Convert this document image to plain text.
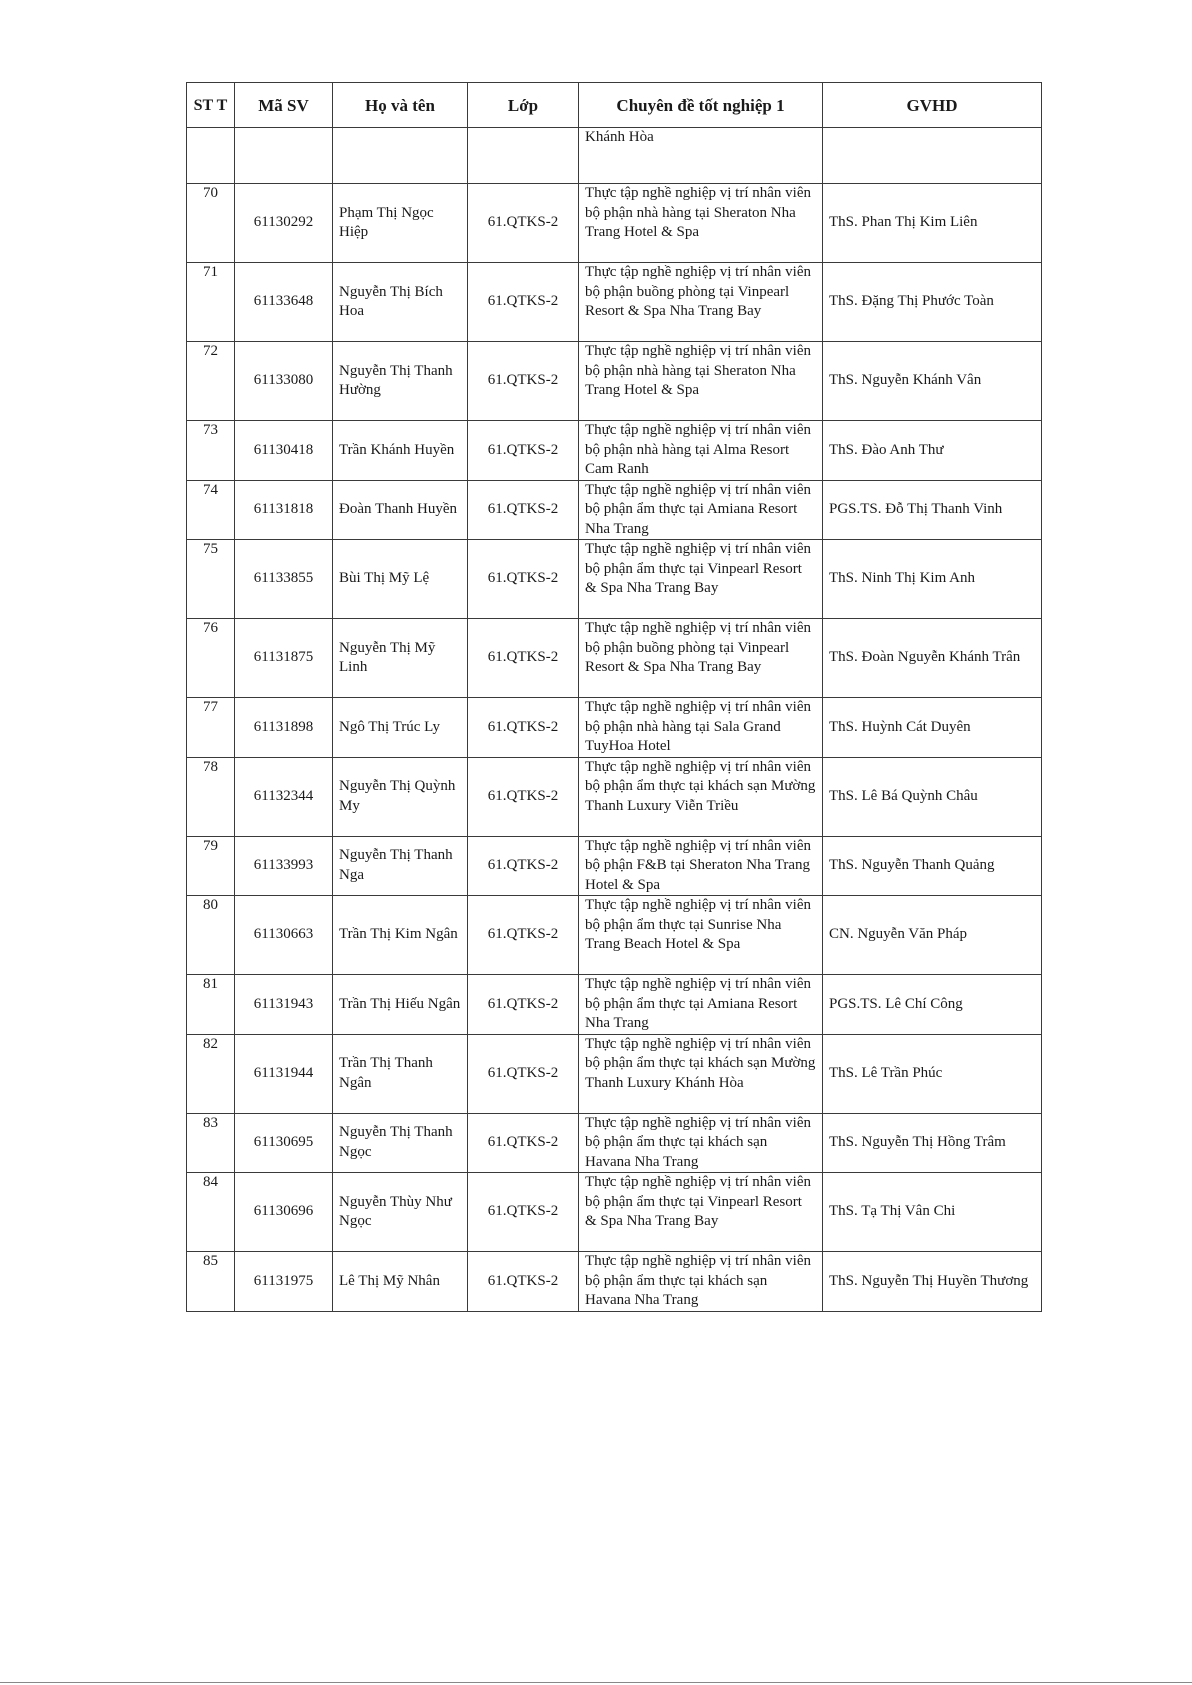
ST T	Mã SV	Họ và tên	Lớp	Chuyên đề tốt nghiệp 1	GVHD
				Khánh Hòa	
70	61130292	Phạm Thị Ngọc Hiệp	61.QTKS-2	Thực tập nghề nghiệp vị trí nhân viên bộ phận nhà hàng tại Sheraton Nha Trang Hotel & Spa	ThS. Phan Thị Kim Liên
71	61133648	Nguyễn Thị Bích Hoa	61.QTKS-2	Thực tập nghề nghiệp vị trí nhân viên bộ phận buồng phòng tại Vinpearl Resort & Spa Nha Trang Bay	ThS. Đặng Thị Phước Toàn
72	61133080	Nguyễn Thị Thanh Hường	61.QTKS-2	Thực tập nghề nghiệp vị trí nhân viên bộ phận nhà hàng tại Sheraton Nha Trang Hotel & Spa	ThS. Nguyễn Khánh Vân
73	61130418	Trần Khánh Huyền	61.QTKS-2	Thực tập nghề nghiệp vị trí nhân viên bộ phận nhà hàng tại Alma Resort Cam Ranh	ThS. Đào Anh Thư
74	61131818	Đoàn Thanh Huyền	61.QTKS-2	Thực tập nghề nghiệp vị trí nhân viên bộ phận ẩm thực tại Amiana Resort Nha Trang	PGS.TS. Đỗ Thị Thanh Vinh
75	61133855	Bùi Thị Mỹ Lệ	61.QTKS-2	Thực tập nghề nghiệp vị trí nhân viên bộ phận ẩm thực tại Vinpearl Resort & Spa Nha Trang Bay	ThS. Ninh Thị Kim Anh
76	61131875	Nguyễn Thị Mỹ Linh	61.QTKS-2	Thực tập nghề nghiệp vị trí nhân viên bộ phận buồng phòng tại Vinpearl Resort & Spa Nha Trang Bay	ThS. Đoàn Nguyễn Khánh Trân
77	61131898	Ngô Thị Trúc Ly	61.QTKS-2	Thực tập nghề nghiệp vị trí nhân viên bộ phận nhà hàng tại Sala Grand TuyHoa Hotel	ThS. Huỳnh Cát Duyên
78	61132344	Nguyễn Thị Quỳnh My	61.QTKS-2	Thực tập nghề nghiệp vị trí nhân viên bộ phận ẩm thực tại khách sạn Mường Thanh Luxury Viễn Triều	ThS. Lê Bá Quỳnh Châu
79	61133993	Nguyễn Thị Thanh Nga	61.QTKS-2	Thực tập nghề nghiệp vị trí nhân viên bộ phận F&B tại Sheraton Nha Trang Hotel & Spa	ThS. Nguyễn Thanh Quảng
80	61130663	Trần Thị Kim Ngân	61.QTKS-2	Thực tập nghề nghiệp vị trí nhân viên bộ phận ẩm thực tại Sunrise Nha Trang Beach Hotel & Spa	CN. Nguyễn Văn Pháp
81	61131943	Trần Thị Hiếu Ngân	61.QTKS-2	Thực tập nghề nghiệp vị trí nhân viên bộ phận ẩm thực tại Amiana Resort Nha Trang	PGS.TS. Lê Chí Công
82	61131944	Trần Thị Thanh Ngân	61.QTKS-2	Thực tập nghề nghiệp vị trí nhân viên bộ phận ẩm thực tại khách sạn Mường Thanh Luxury Khánh Hòa	ThS. Lê Trần Phúc
83	61130695	Nguyễn Thị Thanh Ngọc	61.QTKS-2	Thực tập nghề nghiệp vị trí nhân viên bộ phận ẩm thực tại khách sạn Havana Nha Trang	ThS. Nguyễn Thị Hồng Trâm
84	61130696	Nguyễn Thùy Như Ngọc	61.QTKS-2	Thực tập nghề nghiệp vị trí nhân viên bộ phận ẩm thực tại Vinpearl Resort & Spa Nha Trang Bay	ThS. Tạ Thị Vân Chi
85	61131975	Lê Thị Mỹ Nhân	61.QTKS-2	Thực tập nghề nghiệp vị trí nhân viên bộ phận ẩm thực tại khách sạn Havana Nha Trang	ThS. Nguyễn Thị Huyền Thương
